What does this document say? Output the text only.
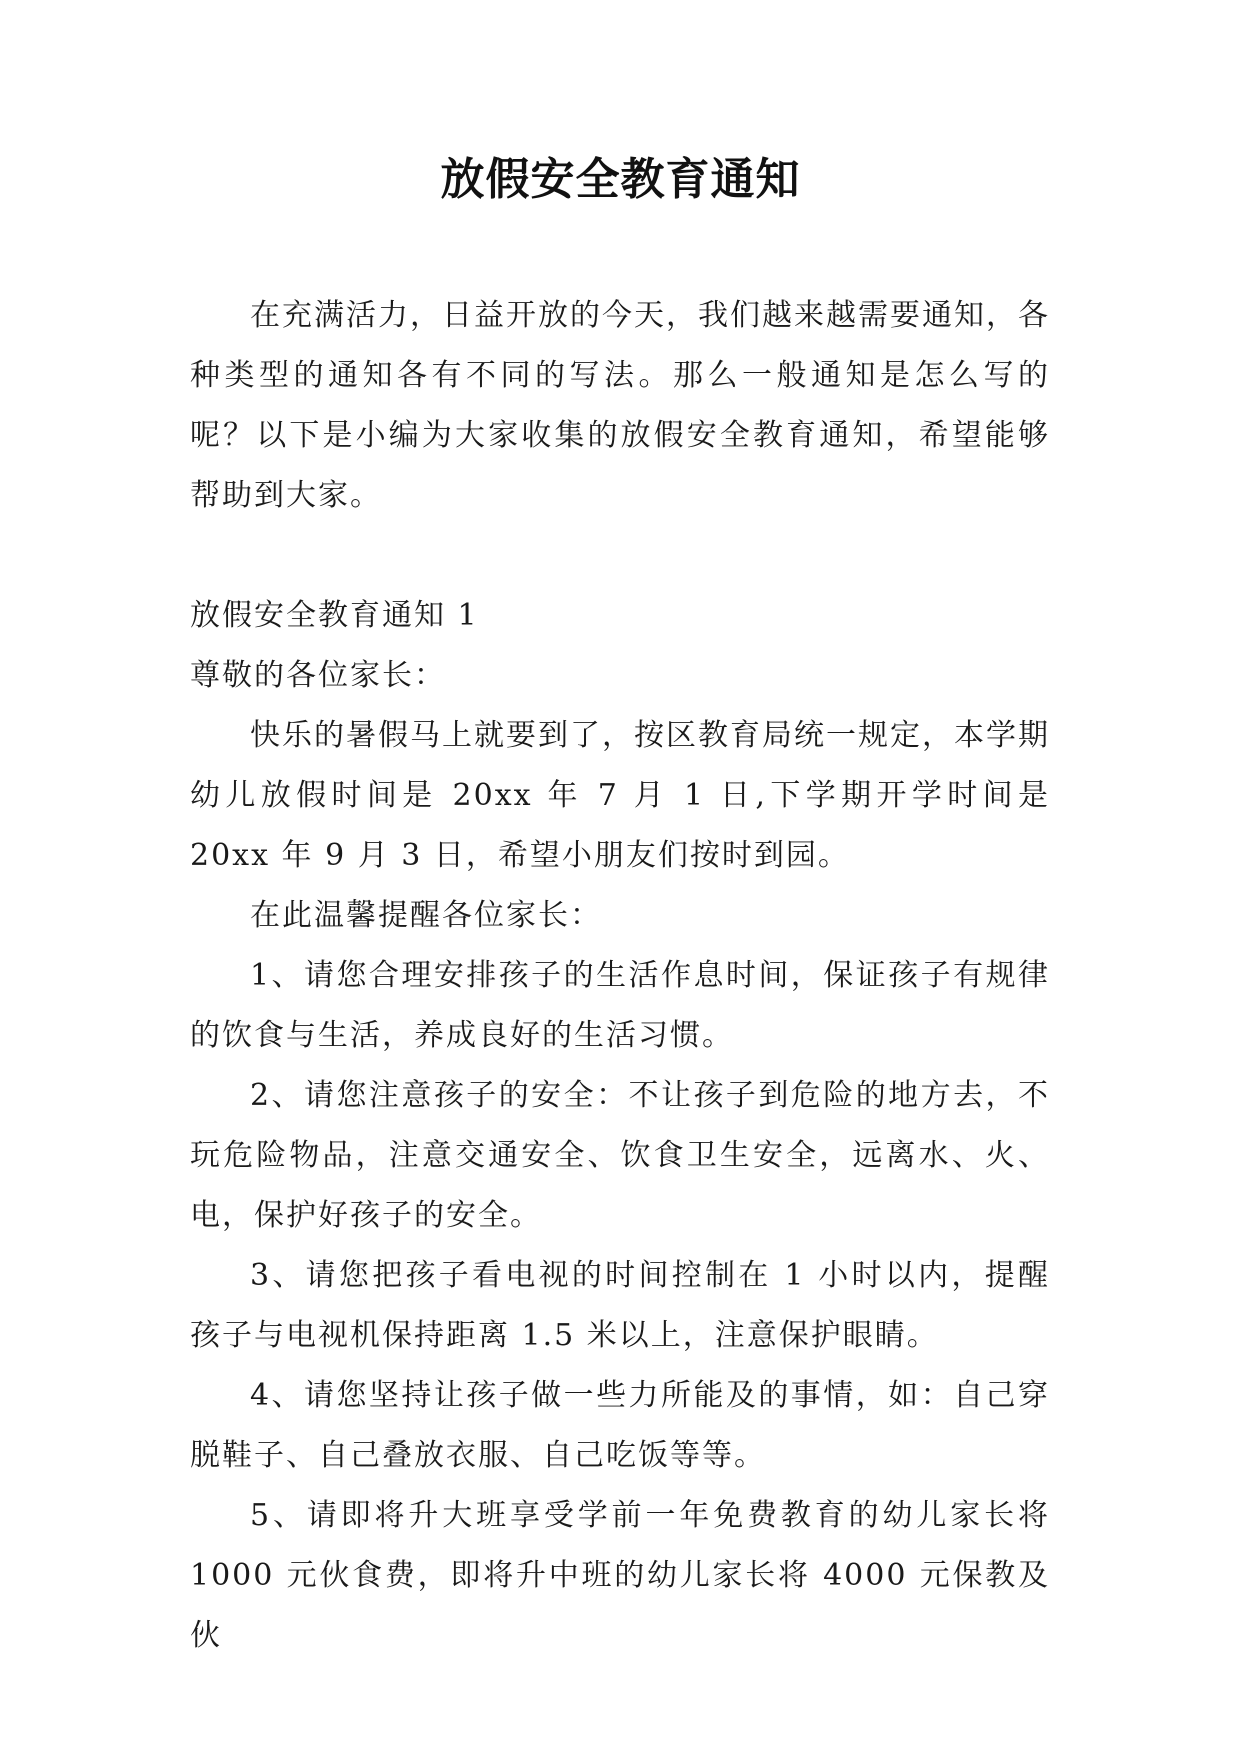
放假安全教育通知

在充满活力，日益开放的今天，我们越来越需要通知，各种类型的通知各有不同的写法。那么一般通知是怎么写的呢？以下是小编为大家收集的放假安全教育通知，希望能够帮助到大家。

放假安全教育通知 1

尊敬的各位家长：

快乐的暑假马上就要到了，按区教育局统一规定，本学期幼儿放假时间是 20xx 年 7 月 1 日,下学期开学时间是 20xx 年 9 月 3 日，希望小朋友们按时到园。

在此温馨提醒各位家长：

1、请您合理安排孩子的生活作息时间，保证孩子有规律的饮食与生活，养成良好的生活习惯。

2、请您注意孩子的安全：不让孩子到危险的地方去，不玩危险物品，注意交通安全、饮食卫生安全，远离水、火、电，保护好孩子的安全。

3、请您把孩子看电视的时间控制在 1 小时以内，提醒孩子与电视机保持距离 1.5 米以上，注意保护眼睛。

4、请您坚持让孩子做一些力所能及的事情，如：自己穿脱鞋子、自己叠放衣服、自己吃饭等等。

5、请即将升大班享受学前一年免费教育的幼儿家长将 1000 元伙食费，即将升中班的幼儿家长将 4000 元保教及伙
